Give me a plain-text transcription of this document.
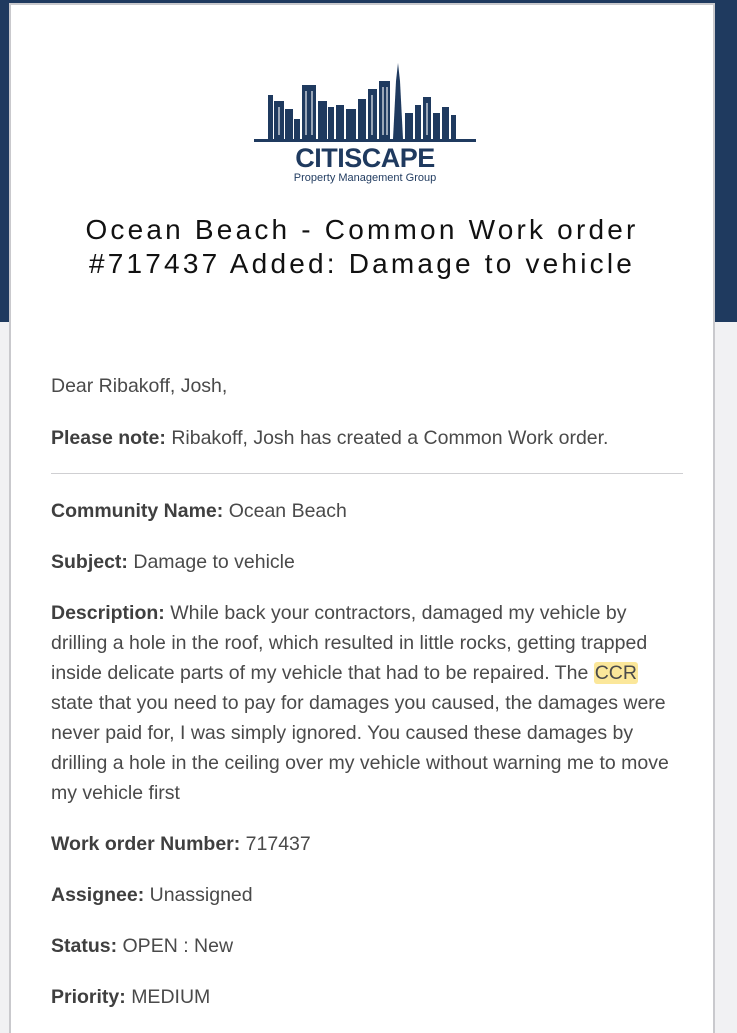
CITISCAPE
Property Management Group
Ocean Beach - Common Work order
#717437 Added: Damage to vehicle

Dear Ribakoff, Josh,

Please note: Ribakoff, Josh has created a Common Work order.

Community Name: Ocean Beach

Subject: Damage to vehicle

Description: While back your contractors, damaged my vehicle by drilling a hole in the roof, which resulted in little rocks, getting trapped inside delicate parts of my vehicle that had to be repaired. The CCR state that you need to pay for damages you caused, the damages were never paid for, I was simply ignored. You caused these damages by drilling a hole in the ceiling over my vehicle without warning me to move my vehicle first

Work order Number: 717437

Assignee: Unassigned

Status: OPEN : New

Priority: MEDIUM
